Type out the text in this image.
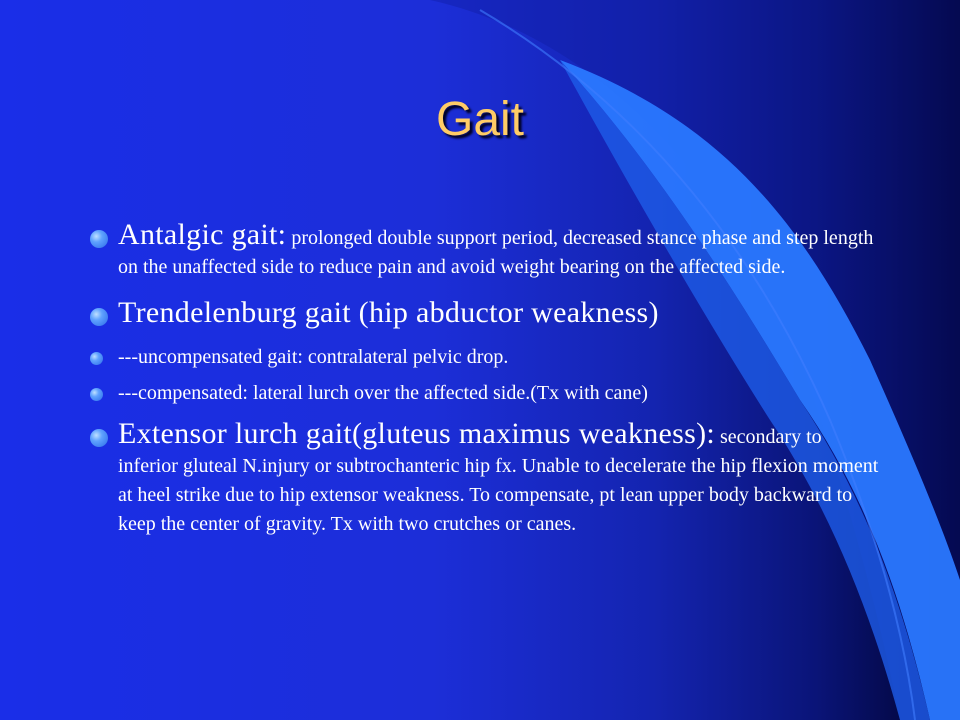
Gait
Antalgic gait: prolonged double support period, decreased stance phase and step length on the unaffected side to reduce pain and avoid weight bearing on the affected side.
Trendelenburg gait (hip abductor weakness)
---uncompensated gait: contralateral pelvic drop.
---compensated: lateral lurch over the affected side.(Tx with cane)
Extensor lurch gait(gluteus maximus weakness): secondary to inferior gluteal N.injury or subtrochanteric hip fx. Unable to decelerate the hip flexion moment at heel strike due to hip extensor weakness. To compensate, pt lean upper body backward to keep the center of gravity. Tx with two crutches or canes.
